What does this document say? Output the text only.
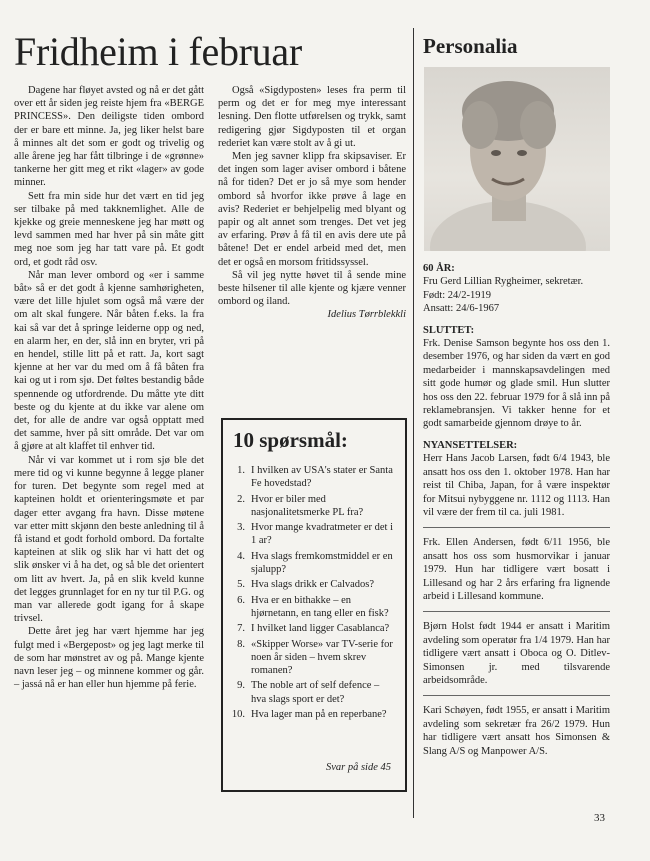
Fridheim i februar

Dagene har fløyet avsted og nå er det gått over ett år siden jeg reiste hjem fra «BERGE PRINCESS». Den deiligste tiden ombord der er bare ett minne. Ja, jeg liker helst bare å minnes alt det som er godt og trivelig og alle årene jeg har fått tilbringe i de «grønne» tankerne her gitt meg et rikt «lager» av gode minner.

Sett fra min side hur det vært en tid jeg ser tilbake på med takknemlighet. Alle de kjekke og greie menneskene jeg har møtt og levd sammen med har hver på sin måte gitt meg noe som jeg har tatt vare på. Et godt ord, et godt råd osv.

Når man lever ombord og «er i samme båt» så er det godt å kjenne samhørigheten, være det lille hjulet som også må være der om alt skal fungere. Når båten f.eks. la fra kai så var det å springe leiderne opp og ned, en alarm her, en der, slå inn en bryter, vri på en hendel, stille litt på et ratt. Ja, kort sagt kjenne at her var du med om å få båten fra kai og ut i rom sjø. Det føltes bestandig både spennende og utfordrende. Du måtte yte ditt beste og du kjente at du ikke var alene om det, for alle de andre var også opptatt med det samme, hver på sitt område. Det var om å gjøre at alt klaffet til enhver tid.

Når vi var kommet ut i rom sjø ble det mere tid og vi kunne begynne å legge planer for turen. Det begynte som regel med at kapteinen holdt et orienteringsmøte et par dager etter avgang fra havn. Disse møtene var etter mitt skjønn den beste anledning til å få istand et godt forhold ombord. Da fortalte kapteinen at slik og slik har vi hatt det og slik ønsker vi å ha det, og så ble det orientert om litt av hvert. Ja, på en slik kveld kunne det legges grunnlaget for en ny tur til P.G. og man var allerede godt igang for å skape trivsel.

Dette året jeg har vært hjemme har jeg fulgt med i «Bergepost» og jeg lagt merke til de som har mønstret av og på. Mange kjente navn leser jeg – og minnene kommer og går. – jassá nå er han eller hun hjemme på ferie.

Også «Sigdyposten» leses fra perm til perm og det er for meg mye interessant lesning. Den flotte utførelsen og trykk, samt redigering gjør Sigdyposten til et organ rederiet kan være stolt av å gi ut.

Men jeg savner klipp fra skipsaviser. Er det ingen som lager aviser ombord i båtene nå for tiden? Det er jo så mye som hender ombord så hvorfor ikke prøve å lage en avis? Rederiet er behjelpelig med blyant og papir og alt annet som trenges. Det vet jeg av erfaring. Prøv å få til en avis dere ute på båtene! Det er endel arbeid med det, men det er også en morsom fritidssyssel.

Så vil jeg nytte høvet til å sende mine beste hilsener til alle kjente og kjære venner ombord og iland.

Idelius Tørrblekkli

10 spørsmål:
1. I hvilken av USA's stater er Santa Fe hovedstad?
2. Hvor er biler med nasjonalitetsmerke PL fra?
3. Hvor mange kvadratmeter er det i 1 ar?
4. Hva slags fremkomstmiddel er en sjalupp?
5. Hva slags drikk er Calvados?
6. Hva er en bithakke – en hjørnetann, en tang eller en fisk?
7. I hvilket land ligger Casablanca?
8. «Skipper Worse» var TV-serie for noen år siden – hvem skrev romanen?
9. The noble art of self defence – hva slags sport er det?
10. Hva lager man på en reperbane?
Svar på side 45
Personalia

60 ÅR:

Fru Gerd Lillian Rygheimer, sekretær.

Født: 24/2-1919

Ansatt: 24/6-1967

SLUTTET:

Frk. Denise Samson begynte hos oss den 1. desember 1976, og har siden da vært en god medarbeider i mannskapsavdelingen med sitt gode humør og glade smil. Hun slutter hos oss den 22. februar 1979 for å slå inn på reklamebransjen. Vi takker henne for et godt samarbeide gjennom drøye to år.

NYANSETTELSER:

Herr Hans Jacob Larsen, født 6/4 1943, ble ansatt hos oss den 1. oktober 1978. Han har reist til Chiba, Japan, for å være inspektør for Mitsui nybyggene nr. 1112 og 1113. Han vil være der frem til ca. juli 1981.

Frk. Ellen Andersen, født 6/11 1956, ble ansatt hos oss som husmorvikar i januar 1979. Hun har tidligere vært bosatt i Lillesand og har 2 års erfaring fra lignende arbeid i Lillesand kommune.

Bjørn Holst født 1944 er ansatt i Maritim avdeling som operatør fra 1/4 1979. Han har tidligere vært ansatt i Oboca og O. Ditlev-Simonsen jr. med tilsvarende arbeidsområde.

Kari Schøyen, født 1955, er ansatt i Maritim avdeling som sekretær fra 26/2 1979. Hun har tidligere vært ansatt hos Simonsen & Slang A/S og Manpower A/S.

33
